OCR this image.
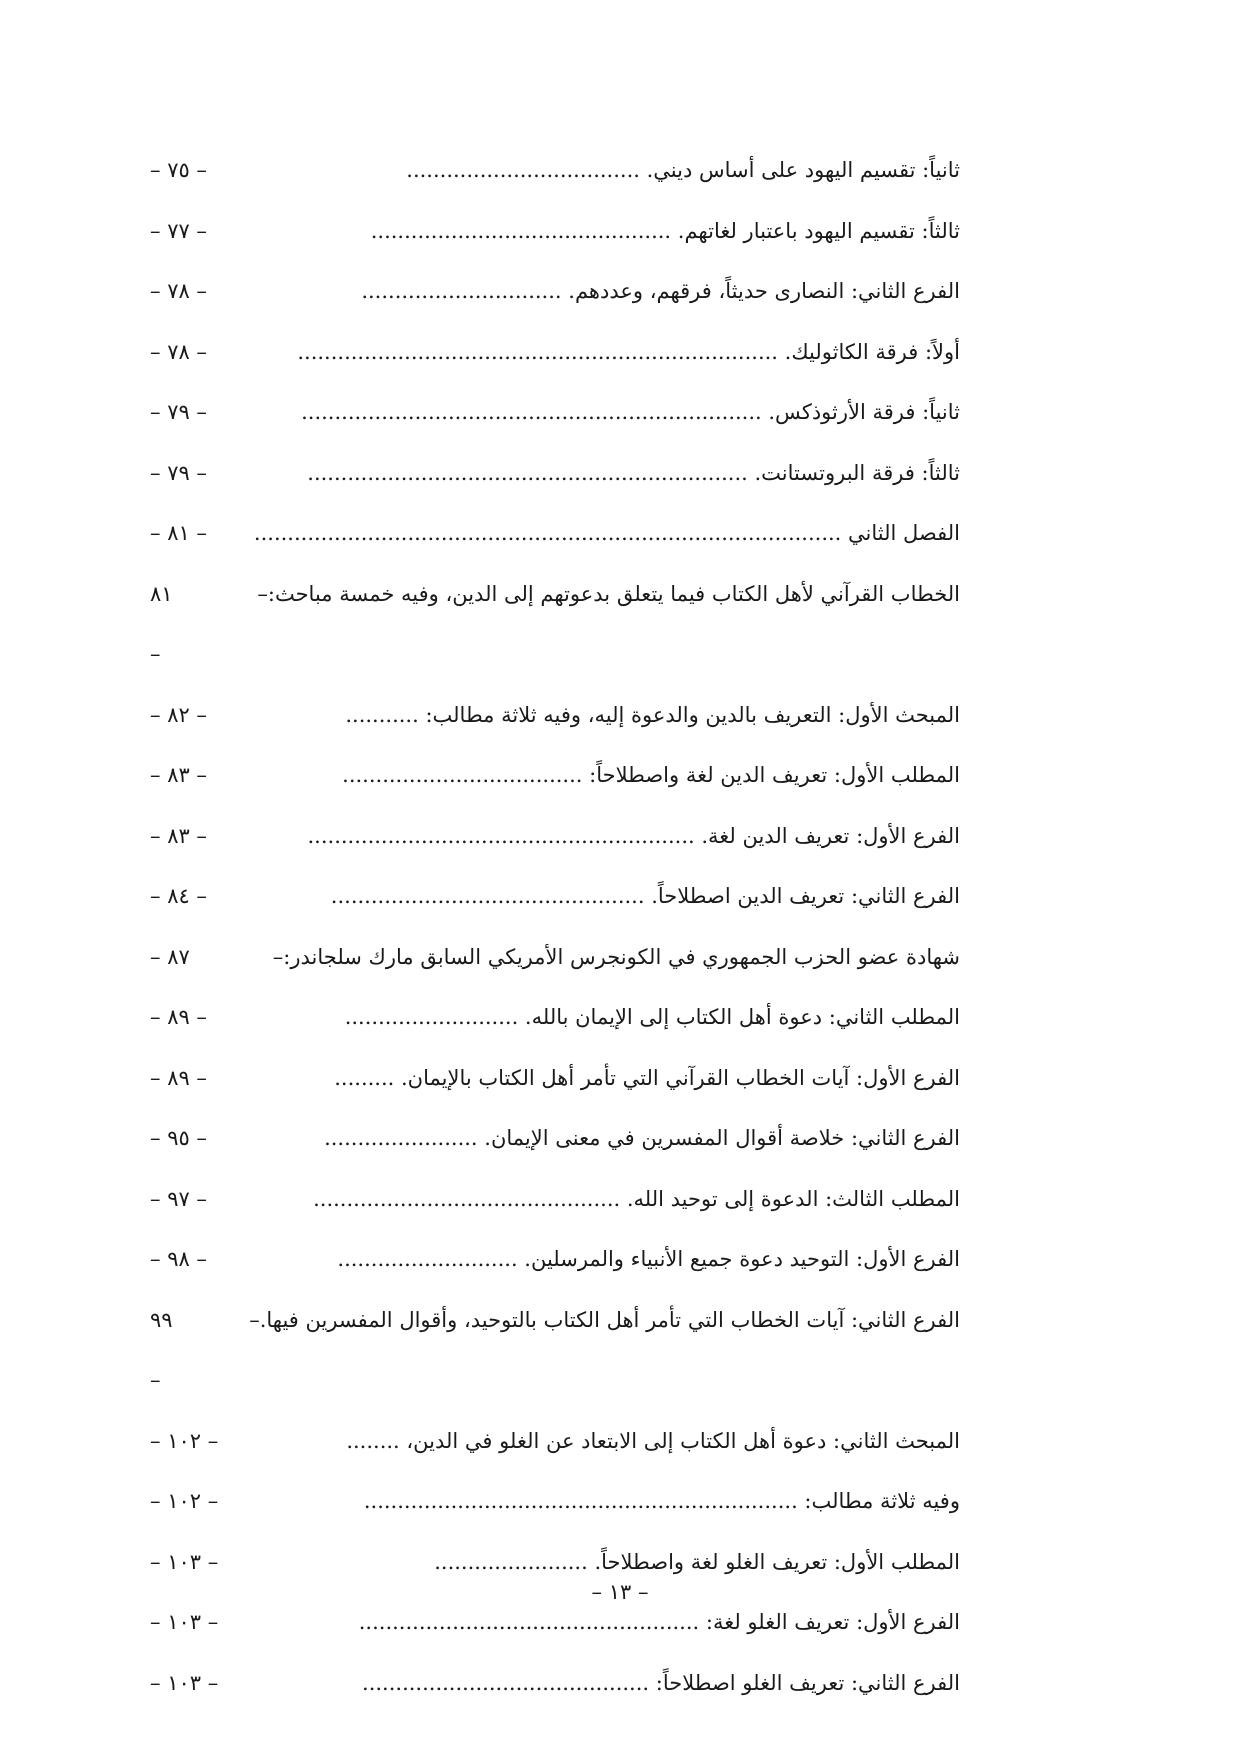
ثانياً: تقسيم اليهود على أساس ديني. ...................................
– ٧٥ –
ثالثاً: تقسيم اليهود باعتبار لغاتهم. .............................................
– ٧٧ –
الفرع الثاني: النصارى حديثاً، فرقهم، وعددهم. ..............................
– ٧٨ –
أولاً: فرقة الكاثوليك. ........................................................................
– ٧٨ –
ثانياً: فرقة الأرثوذكس. .....................................................................
– ٧٩ –
ثالثاً: فرقة البروتستانت. ..................................................................
– ٧٩ –
الفصل الثاني ........................................................................................
– ٨١ –
الخطاب القرآني لأهل الكتاب فيما يتعلق بدعوتهم إلى الدين، وفيه خمسة مباحث:–
٨١
–
المبحث الأول: التعريف بالدين والدعوة إليه، وفيه ثلاثة مطالب: ...........
– ٨٢ –
المطلب الأول: تعريف الدين لغة واصطلاحاً: ....................................
– ٨٣ –
الفرع الأول: تعريف الدين لغة. ..........................................................
– ٨٣ –
الفرع الثاني: تعريف الدين اصطلاحاً. ...............................................
– ٨٤ –
شهادة عضو الحزب الجمهوري في الكونجرس الأمريكي السابق مارك سلجاندر:–
٨٧ –
المطلب الثاني: دعوة أهل الكتاب إلى الإيمان بالله. ..........................
– ٨٩ –
الفرع الأول: آيات الخطاب القرآني التي تأمر أهل الكتاب بالإيمان. .........
– ٨٩ –
الفرع الثاني: خلاصة أقوال المفسرين في معنى الإيمان. .......................
– ٩٥ –
المطلب الثالث: الدعوة إلى توحيد الله. ..............................................
– ٩٧ –
الفرع الأول: التوحيد دعوة جميع الأنبياء والمرسلين. ...........................
– ٩٨ –
الفرع الثاني: آيات الخطاب التي تأمر أهل الكتاب بالتوحيد، وأقوال المفسرين فيها.–
٩٩
–
المبحث الثاني: دعوة أهل الكتاب إلى الابتعاد عن الغلو في الدين، ........
– ١٠٢ –
وفيه ثلاثة مطالب: .................................................................
– ١٠٢ –
المطلب الأول: تعريف الغلو لغة واصطلاحاً. .......................
– ١٠٣ –
الفرع الأول: تعريف الغلو لغة: ...................................................
– ١٠٣ –
الفرع الثاني: تعريف الغلو اصطلاحاً: ...........................................
– ١٠٣ –
– ١٣ –
